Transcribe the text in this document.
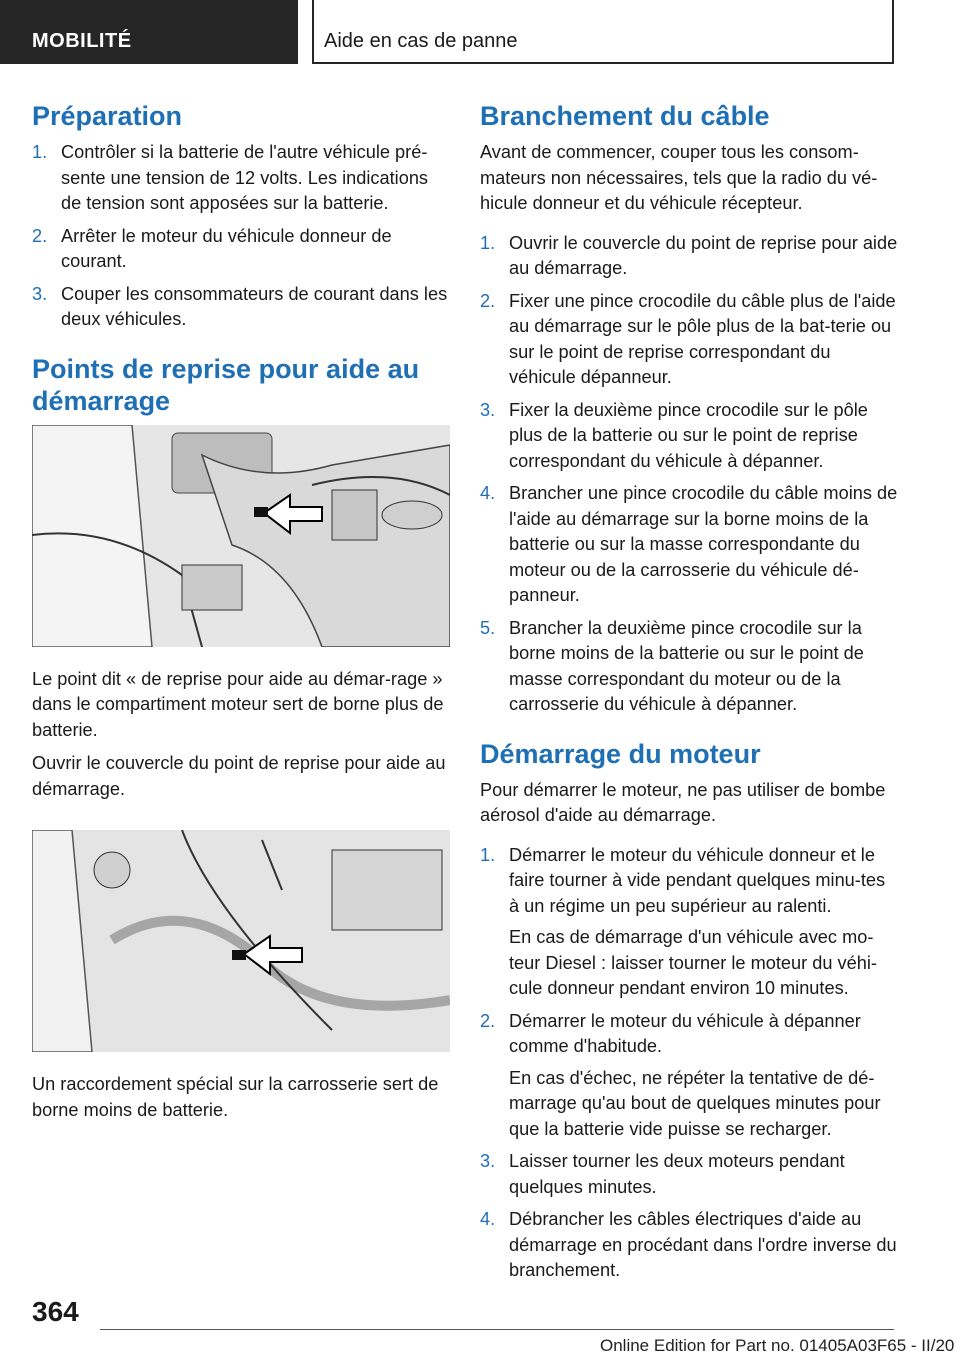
MOBILITÉ	Aide en cas de panne
Préparation
1. Contrôler si la batterie de l'autre véhicule pré-sente une tension de 12 volts. Les indications de tension sont apposées sur la batterie.
2. Arrêter le moteur du véhicule donneur de courant.
3. Couper les consommateurs de courant dans les deux véhicules.
Points de reprise pour aide au démarrage

Le point dit « de reprise pour aide au démar-rage » dans le compartiment moteur sert de borne plus de batterie.

Ouvrir le couvercle du point de reprise pour aide au démarrage.

Un raccordement spécial sur la carrosserie sert de borne moins de batterie.

Branchement du câble

Avant de commencer, couper tous les consom-mateurs non nécessaires, tels que la radio du vé-hicule donneur et du véhicule récepteur.

1. Ouvrir le couvercle du point de reprise pour aide au démarrage.
2. Fixer une pince crocodile du câble plus de l'aide au démarrage sur le pôle plus de la bat-terie ou sur le point de reprise correspondant du véhicule dépanneur.
3. Fixer la deuxième pince crocodile sur le pôle plus de la batterie ou sur le point de reprise correspondant du véhicule à dépanner.
4. Brancher une pince crocodile du câble moins de l'aide au démarrage sur la borne moins de la batterie ou sur la masse correspondante du moteur ou de la carrosserie du véhicule dé-panneur.
5. Brancher la deuxième pince crocodile sur la borne moins de la batterie ou sur le point de masse correspondant du moteur ou de la carrosserie du véhicule à dépanner.
Démarrage du moteur

Pour démarrer le moteur, ne pas utiliser de bombe aérosol d'aide au démarrage.

1. Démarrer le moteur du véhicule donneur et le faire tourner à vide pendant quelques minu-tes à un régime un peu supérieur au ralenti.

En cas de démarrage d'un véhicule avec mo-teur Diesel : laisser tourner le moteur du véhi-cule donneur pendant environ 10 minutes.

2. Démarrer le moteur du véhicule à dépanner comme d'habitude.

En cas d'échec, ne répéter la tentative de dé-marrage qu'au bout de quelques minutes pour que la batterie vide puisse se recharger.

3. Laisser tourner les deux moteurs pendant quelques minutes.
4. Débrancher les câbles électriques d'aide au démarrage en procédant dans l'ordre inverse du branchement.
364
Online Edition for Part no. 01405A03F65 - II/20
